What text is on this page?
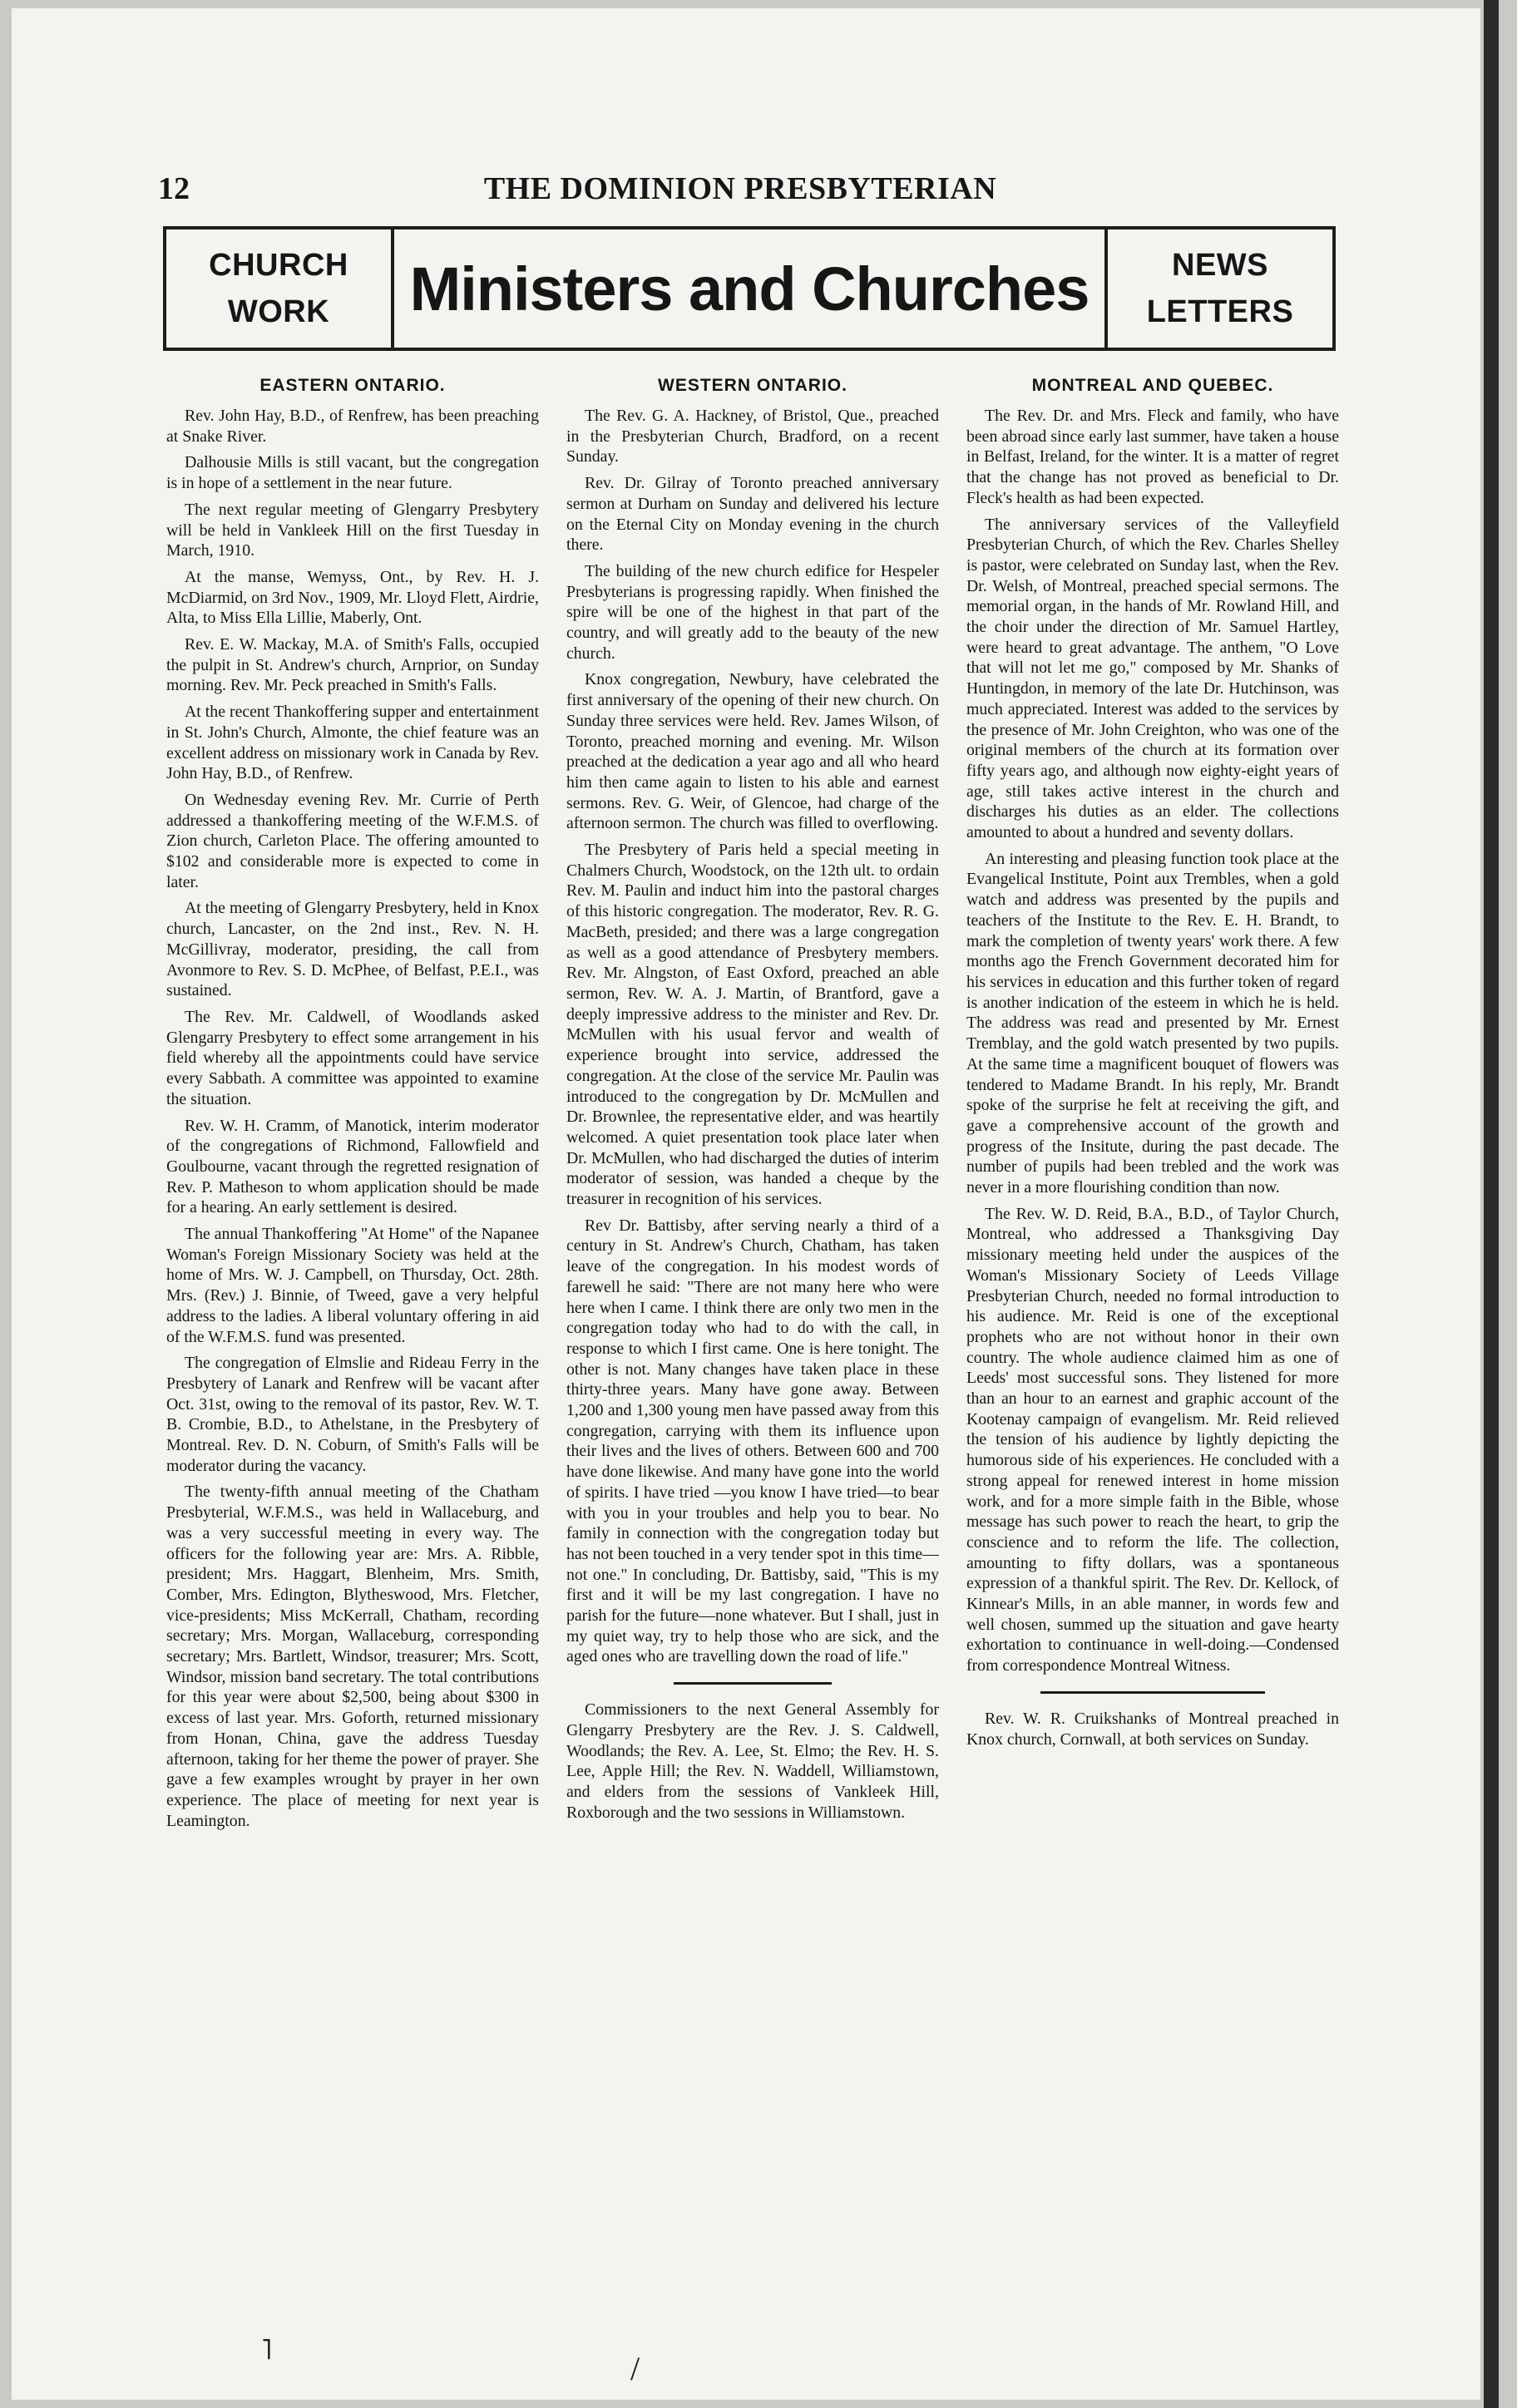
12	THE DOMINION PRESBYTERIAN
CHURCH
WORK Ministers and Churches	NEWS
LETTERS
EASTERN ONTARIO.

Rev. John Hay, B.D., of Renfrew, has been preaching at Snake River.

Dalhousie Mills is still vacant, but the congregation is in hope of a settlement in the near future.

The next regular meeting of Glengarry Presbytery will be held in Vankleek Hill on the first Tuesday in March, 1910.

At the manse, Wemyss, Ont., by Rev. H. J. McDiarmid, on 3rd Nov., 1909, Mr. Lloyd Flett, Airdrie, Alta, to Miss Ella Lillie, Maberly, Ont.

Rev. E. W. Mackay, M.A. of Smith's Falls, occupied the pulpit in St. Andrew's church, Arnprior, on Sunday morning. Rev. Mr. Peck preached in Smith's Falls.

At the recent Thankoffering supper and entertainment in St. John's Church, Almonte, the chief feature was an excellent address on missionary work in Canada by Rev. John Hay, B.D., of Renfrew.

On Wednesday evening Rev. Mr. Currie of Perth addressed a thankoffering meeting of the W.F.M.S. of Zion church, Carleton Place. The offering amounted to $102 and considerable more is expected to come in later.

At the meeting of Glengarry Presbytery, held in Knox church, Lancaster, on the 2nd inst., Rev. N. H. McGillivray, moderator, presiding, the call from Avonmore to Rev. S. D. McPhee, of Belfast, P.E.I., was sustained.

The Rev. Mr. Caldwell, of Woodlands asked Glengarry Presbytery to effect some arrangement in his field whereby all the appointments could have service every Sabbath. A committee was appointed to examine the situation.

Rev. W. H. Cramm, of Manotick, interim moderator of the congregations of Richmond, Fallowfield and Goulbourne, vacant through the regretted resignation of Rev. P. Matheson to whom application should be made for a hearing. An early settlement is desired.

The annual Thankoffering "At Home" of the Napanee Woman's Foreign Missionary Society was held at the home of Mrs. W. J. Campbell, on Thursday, Oct. 28th. Mrs. (Rev.) J. Binnie, of Tweed, gave a very helpful address to the ladies. A liberal voluntary offering in aid of the W.F.M.S. fund was presented.

The congregation of Elmslie and Rideau Ferry in the Presbytery of Lanark and Renfrew will be vacant after Oct. 31st, owing to the removal of its pastor, Rev. W. T. B. Crombie, B.D., to Athelstane, in the Presbytery of Montreal. Rev. D. N. Coburn, of Smith's Falls will be moderator during the vacancy.

The twenty-fifth annual meeting of the Chatham Presbyterial, W.F.M.S., was held in Wallaceburg, and was a very successful meeting in every way. The officers for the following year are: Mrs. A. Ribble, president; Mrs. Haggart, Blenheim, Mrs. Smith, Comber, Mrs. Edington, Blytheswood, Mrs. Fletcher, vice-presidents; Miss McKerrall, Chatham, recording secretary; Mrs. Morgan, Wallaceburg, corresponding secretary; Mrs. Bartlett, Windsor, treasurer; Mrs. Scott, Windsor, mission band secretary. The total contributions for this year were about $2,500, being about $300 in excess of last year. Mrs. Goforth, returned missionary from Honan, China, gave the address Tuesday afternoon, taking for her theme the power of prayer. She gave a few examples wrought by prayer in her own experience. The place of meeting for next year is Leamington.

WESTERN ONTARIO.

The Rev. G. A. Hackney, of Bristol, Que., preached in the Presbyterian Church, Bradford, on a recent Sunday.

Rev. Dr. Gilray of Toronto preached anniversary sermon at Durham on Sunday and delivered his lecture on the Eternal City on Monday evening in the church there.

The building of the new church edifice for Hespeler Presbyterians is progressing rapidly. When finished the spire will be one of the highest in that part of the country, and will greatly add to the beauty of the new church.

Knox congregation, Newbury, have celebrated the first anniversary of the opening of their new church. On Sunday three services were held. Rev. James Wilson, of Toronto, preached morning and evening. Mr. Wilson preached at the dedication a year ago and all who heard him then came again to listen to his able and earnest sermons. Rev. G. Weir, of Glencoe, had charge of the afternoon sermon. The church was filled to overflowing.

The Presbytery of Paris held a special meeting in Chalmers Church, Woodstock, on the 12th ult. to ordain Rev. M. Paulin and induct him into the pastoral charges of this historic congregation. The moderator, Rev. R. G. MacBeth, presided; and there was a large congregation as well as a good attendance of Presbytery members. Rev. Mr. Alngston, of East Oxford, preached an able sermon, Rev. W. A. J. Martin, of Brantford, gave a deeply impressive address to the minister and Rev. Dr. McMullen with his usual fervor and wealth of experience brought into service, addressed the congregation. At the close of the service Mr. Paulin was introduced to the congregation by Dr. McMullen and Dr. Brownlee, the representative elder, and was heartily welcomed. A quiet presentation took place later when Dr. McMullen, who had discharged the duties of interim moderator of session, was handed a cheque by the treasurer in recognition of his services.

Rev Dr. Battisby, after serving nearly a third of a century in St. Andrew's Church, Chatham, has taken leave of the congregation. In his modest words of farewell he said: "There are not many here who were here when I came. I think there are only two men in the congregation today who had to do with the call, in response to which I first came. One is here tonight. The other is not. Many changes have taken place in these thirty-three years. Many have gone away. Between 1,200 and 1,300 young men have passed away from this congregation, carrying with them its influence upon their lives and the lives of others. Between 600 and 700 have done likewise. And many have gone into the world of spirits. I have tried —you know I have tried—to bear with you in your troubles and help you to bear. No family in connection with the congregation today but has not been touched in a very tender spot in this time—not one." In concluding, Dr. Battisby, said, "This is my first and it will be my last congregation. I have no parish for the future—none whatever. But I shall, just in my quiet way, try to help those who are sick, and the aged ones who are travelling down the road of life."

Commissioners to the next General Assembly for Glengarry Presbytery are the Rev. J. S. Caldwell, Woodlands; the Rev. A. Lee, St. Elmo; the Rev. H. S. Lee, Apple Hill; the Rev. N. Waddell, Williamstown, and elders from the sessions of Vankleek Hill, Roxborough and the two sessions in Williamstown.

MONTREAL AND QUEBEC.

The Rev. Dr. and Mrs. Fleck and family, who have been abroad since early last summer, have taken a house in Belfast, Ireland, for the winter. It is a matter of regret that the change has not proved as beneficial to Dr. Fleck's health as had been expected.

The anniversary services of the Valleyfield Presbyterian Church, of which the Rev. Charles Shelley is pastor, were celebrated on Sunday last, when the Rev. Dr. Welsh, of Montreal, preached special sermons. The memorial organ, in the hands of Mr. Rowland Hill, and the choir under the direction of Mr. Samuel Hartley, were heard to great advantage. The anthem, "O Love that will not let me go," composed by Mr. Shanks of Huntingdon, in memory of the late Dr. Hutchinson, was much appreciated. Interest was added to the services by the presence of Mr. John Creighton, who was one of the original members of the church at its formation over fifty years ago, and although now eighty-eight years of age, still takes active interest in the church and discharges his duties as an elder. The collections amounted to about a hundred and seventy dollars.

An interesting and pleasing function took place at the Evangelical Institute, Point aux Trembles, when a gold watch and address was presented by the pupils and teachers of the Institute to the Rev. E. H. Brandt, to mark the completion of twenty years' work there. A few months ago the French Government decorated him for his services in education and this further token of regard is another indication of the esteem in which he is held. The address was read and presented by Mr. Ernest Tremblay, and the gold watch presented by two pupils. At the same time a magnificent bouquet of flowers was tendered to Madame Brandt. In his reply, Mr. Brandt spoke of the surprise he felt at receiving the gift, and gave a comprehensive account of the growth and progress of the Insitute, during the past decade. The number of pupils had been trebled and the work was never in a more flourishing condition than now.

The Rev. W. D. Reid, B.A., B.D., of Taylor Church, Montreal, who addressed a Thanksgiving Day missionary meeting held under the auspices of the Woman's Missionary Society of Leeds Village Presbyterian Church, needed no formal introduction to his audience. Mr. Reid is one of the exceptional prophets who are not without honor in their own country. The whole audience claimed him as one of Leeds' most successful sons. They listened for more than an hour to an earnest and graphic account of the Kootenay campaign of evangelism. Mr. Reid relieved the tension of his audience by lightly depicting the humorous side of his experiences. He concluded with a strong appeal for renewed interest in home mission work, and for a more simple faith in the Bible, whose message has such power to reach the heart, to grip the conscience and to reform the life. The collection, amounting to fifty dollars, was a spontaneous expression of a thankful spirit. The Rev. Dr. Kellock, of Kinnear's Mills, in an able manner, in words few and well chosen, summed up the situation and gave hearty exhortation to continuance in well-doing.—Condensed from correspondence Montreal Witness.

Rev. W. R. Cruikshanks of Montreal preached in Knox church, Cornwall, at both services on Sunday.

˥	/
